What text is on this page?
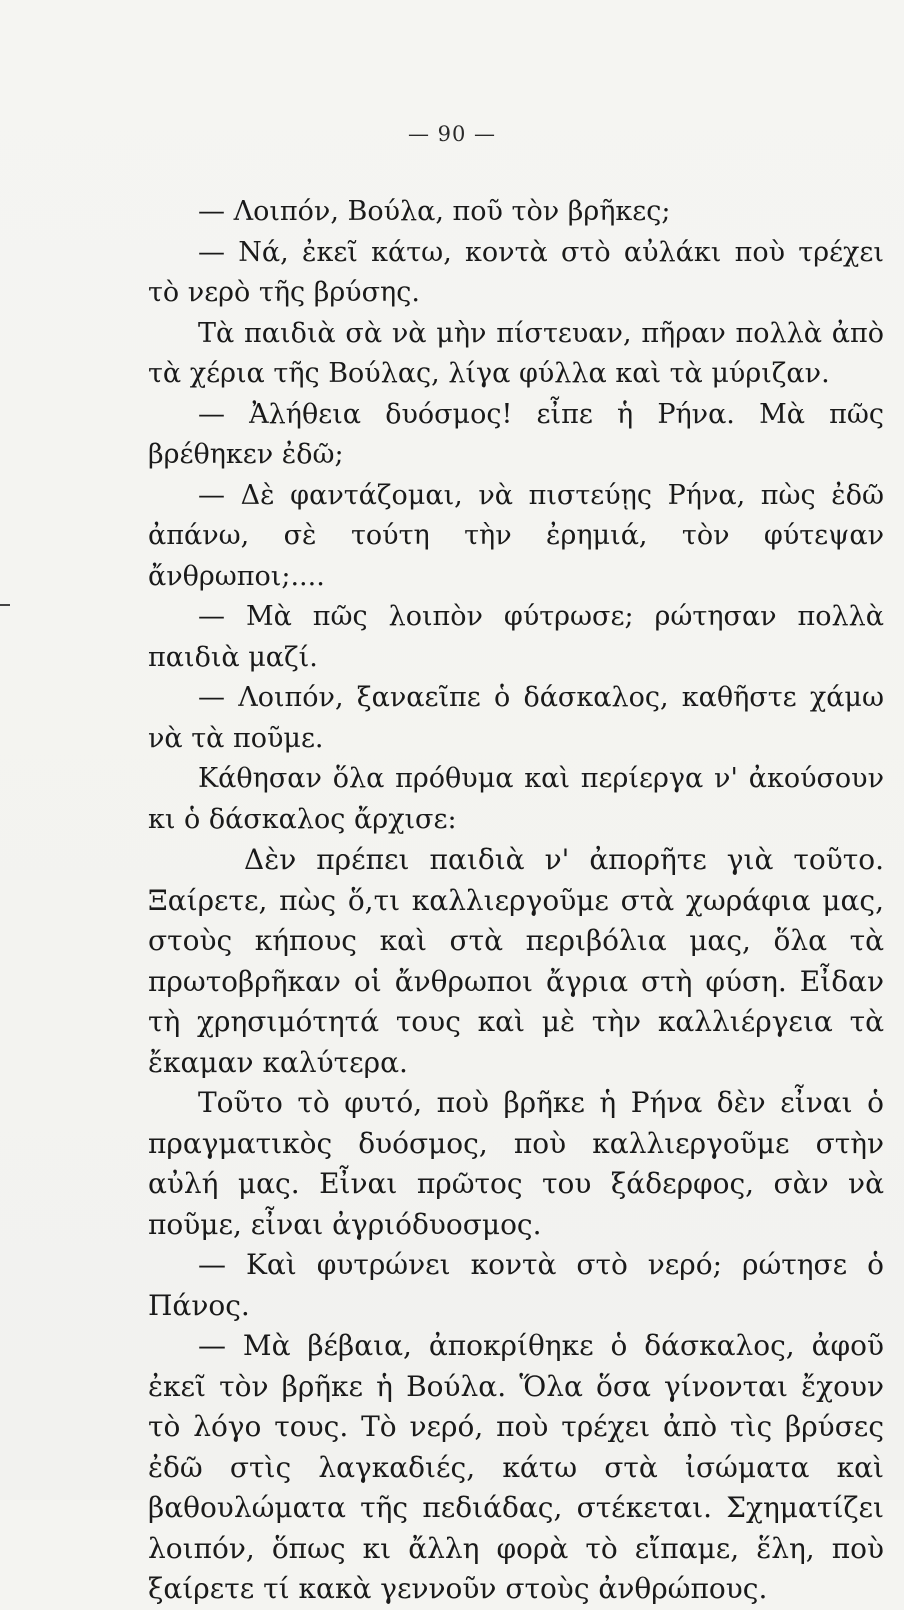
— 90 —

— Λοιπόν, Βούλα, ποῦ τὸν βρῆκες;

— Νά, ἐκεῖ κάτω, κοντὰ στὸ αὐλάκι ποὺ τρέχει τὸ νερὸ τῆς βρύσης.

Τὰ παιδιὰ σὰ νὰ μὴν πίστευαν, πῆραν πολλὰ ἀπὸ τὰ χέρια τῆς Βούλας, λίγα φύλλα καὶ τὰ μύριζαν.

— Ἀλήθεια δυόσμος! εἶπε ἡ Ρήνα. Μὰ πῶς βρέθηκεν ἐδῶ;

— Δὲ φαντάζομαι, νὰ πιστεύῃς Ρήνα, πὼς ἐδῶ ἀπάνω, σὲ τούτη τὴν ἐρημιά, τὸν φύτεψαν ἄνθρωποι;....

— Μὰ πῶς λοιπὸν φύτρωσε; ρώτησαν πολλὰ παιδιὰ μαζί.

— Λοιπόν, ξαναεῖπε ὁ δάσκαλος, καθῆστε χάμω νὰ τὰ ποῦμε.

Κάθησαν ὅλα πρόθυμα καὶ περίεργα ν' ἀκούσουν κι ὁ δάσκαλος ἄρχισε:

Δὲν πρέπει παιδιὰ ν' ἀπορῆτε γιὰ τοῦτο. Ξαίρετε, πὼς ὅ,τι καλλιεργοῦμε στὰ χωράφια μας, στοὺς κήπους καὶ στὰ περιβόλια μας, ὅλα τὰ πρωτοβρῆκαν οἱ ἄνθρωποι ἄγρια στὴ φύση. Εἶδαν τὴ χρησιμότητά τους καὶ μὲ τὴν καλλιέργεια τὰ ἔκαμαν καλύτερα.

Τοῦτο τὸ φυτό, ποὺ βρῆκε ἡ Ρήνα δὲν εἶναι ὁ πραγματικὸς δυόσμος, ποὺ καλλιεργοῦμε στὴν αὐλή μας. Εἶναι πρῶτος του ξάδερφος, σὰν νὰ ποῦμε, εἶναι ἀγριόδυοσμος.

— Καὶ φυτρώνει κοντὰ στὸ νερό; ρώτησε ὁ Πάνος.

— Μὰ βέβαια, ἀποκρίθηκε ὁ δάσκαλος, ἀφοῦ ἐκεῖ τὸν βρῆκε ἡ Βούλα. Ὅλα ὅσα γίνονται ἔχουν τὸ λόγο τους. Τὸ νερό, ποὺ τρέχει ἀπὸ τὶς βρύσες ἐδῶ στὶς λαγκαδιές, κάτω στὰ ἰσώματα καὶ βαθουλώματα τῆς πεδιάδας, στέκεται. Σχηματίζει λοιπόν, ὅπως κι ἄλλη φορὰ τὸ εἴπαμε, ἕλη, ποὺ ξαίρετε τί κακὰ γεννοῦν στοὺς ἀνθρώπους.
